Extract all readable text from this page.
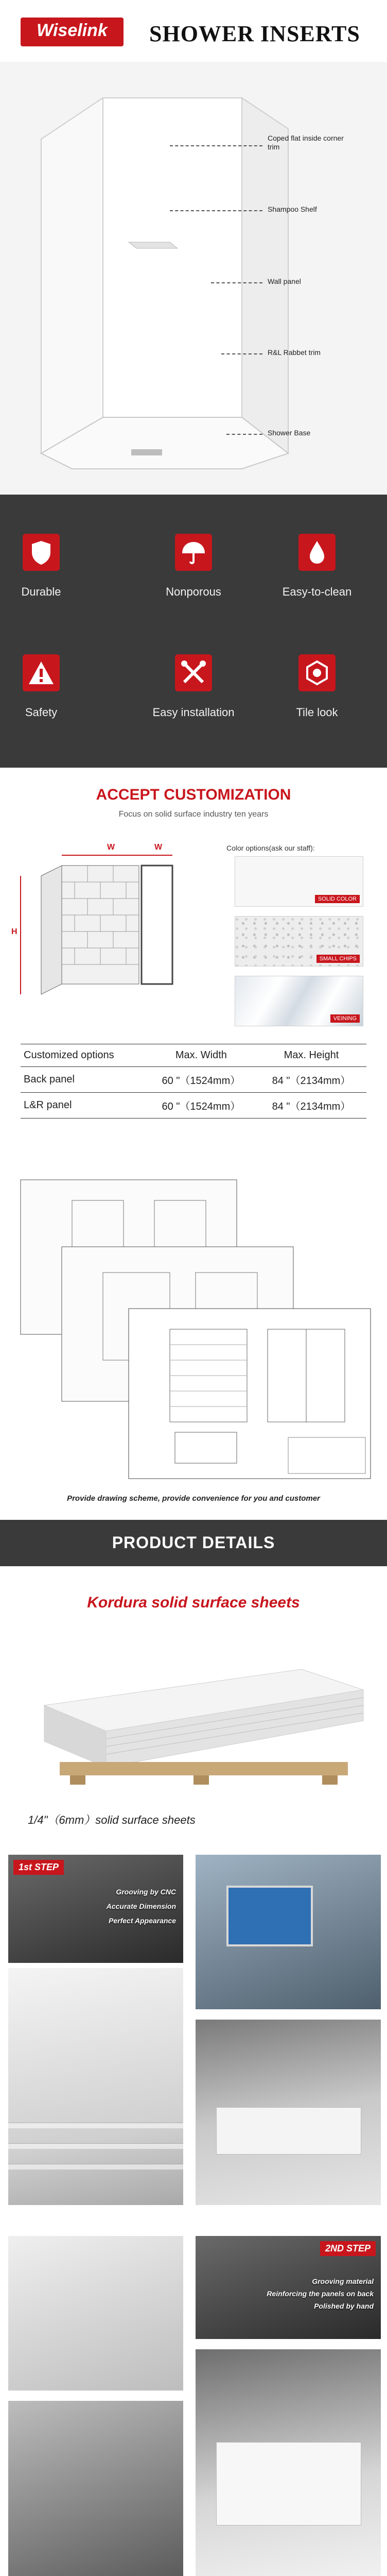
Wiselink	SHOWER INSERTS
Coped flat inside corner trim
Shampoo Shelf
Wall panel
R&L Rabbet trim
Shower Base
Durable	Nonporous	Easy-to-clean
Safety	Easy installation	Tile look
ACCEPT CUSTOMIZATION
Focus on solid surface industry ten years
W	W
H
Color options(ask our staff):
SOLID COLOR
SMALL CHIPS
VEINING
Customized options	Max. Width	Max. Height
Back panel	60 "（1524mm）	84 "（2134mm）
L&R panel	60 "（1524mm）	84 "（2134mm）
Provide drawing scheme, provide convenience for you and customer
PRODUCT DETAILS
Kordura solid surface sheets
1/4"（6mm）solid surface sheets
1st STEP
Grooving by CNC
Accurate Dimension
Perfect Appearance
2ND STEP
Grooving material
Reinforcing the panels on back
Polished by hand
